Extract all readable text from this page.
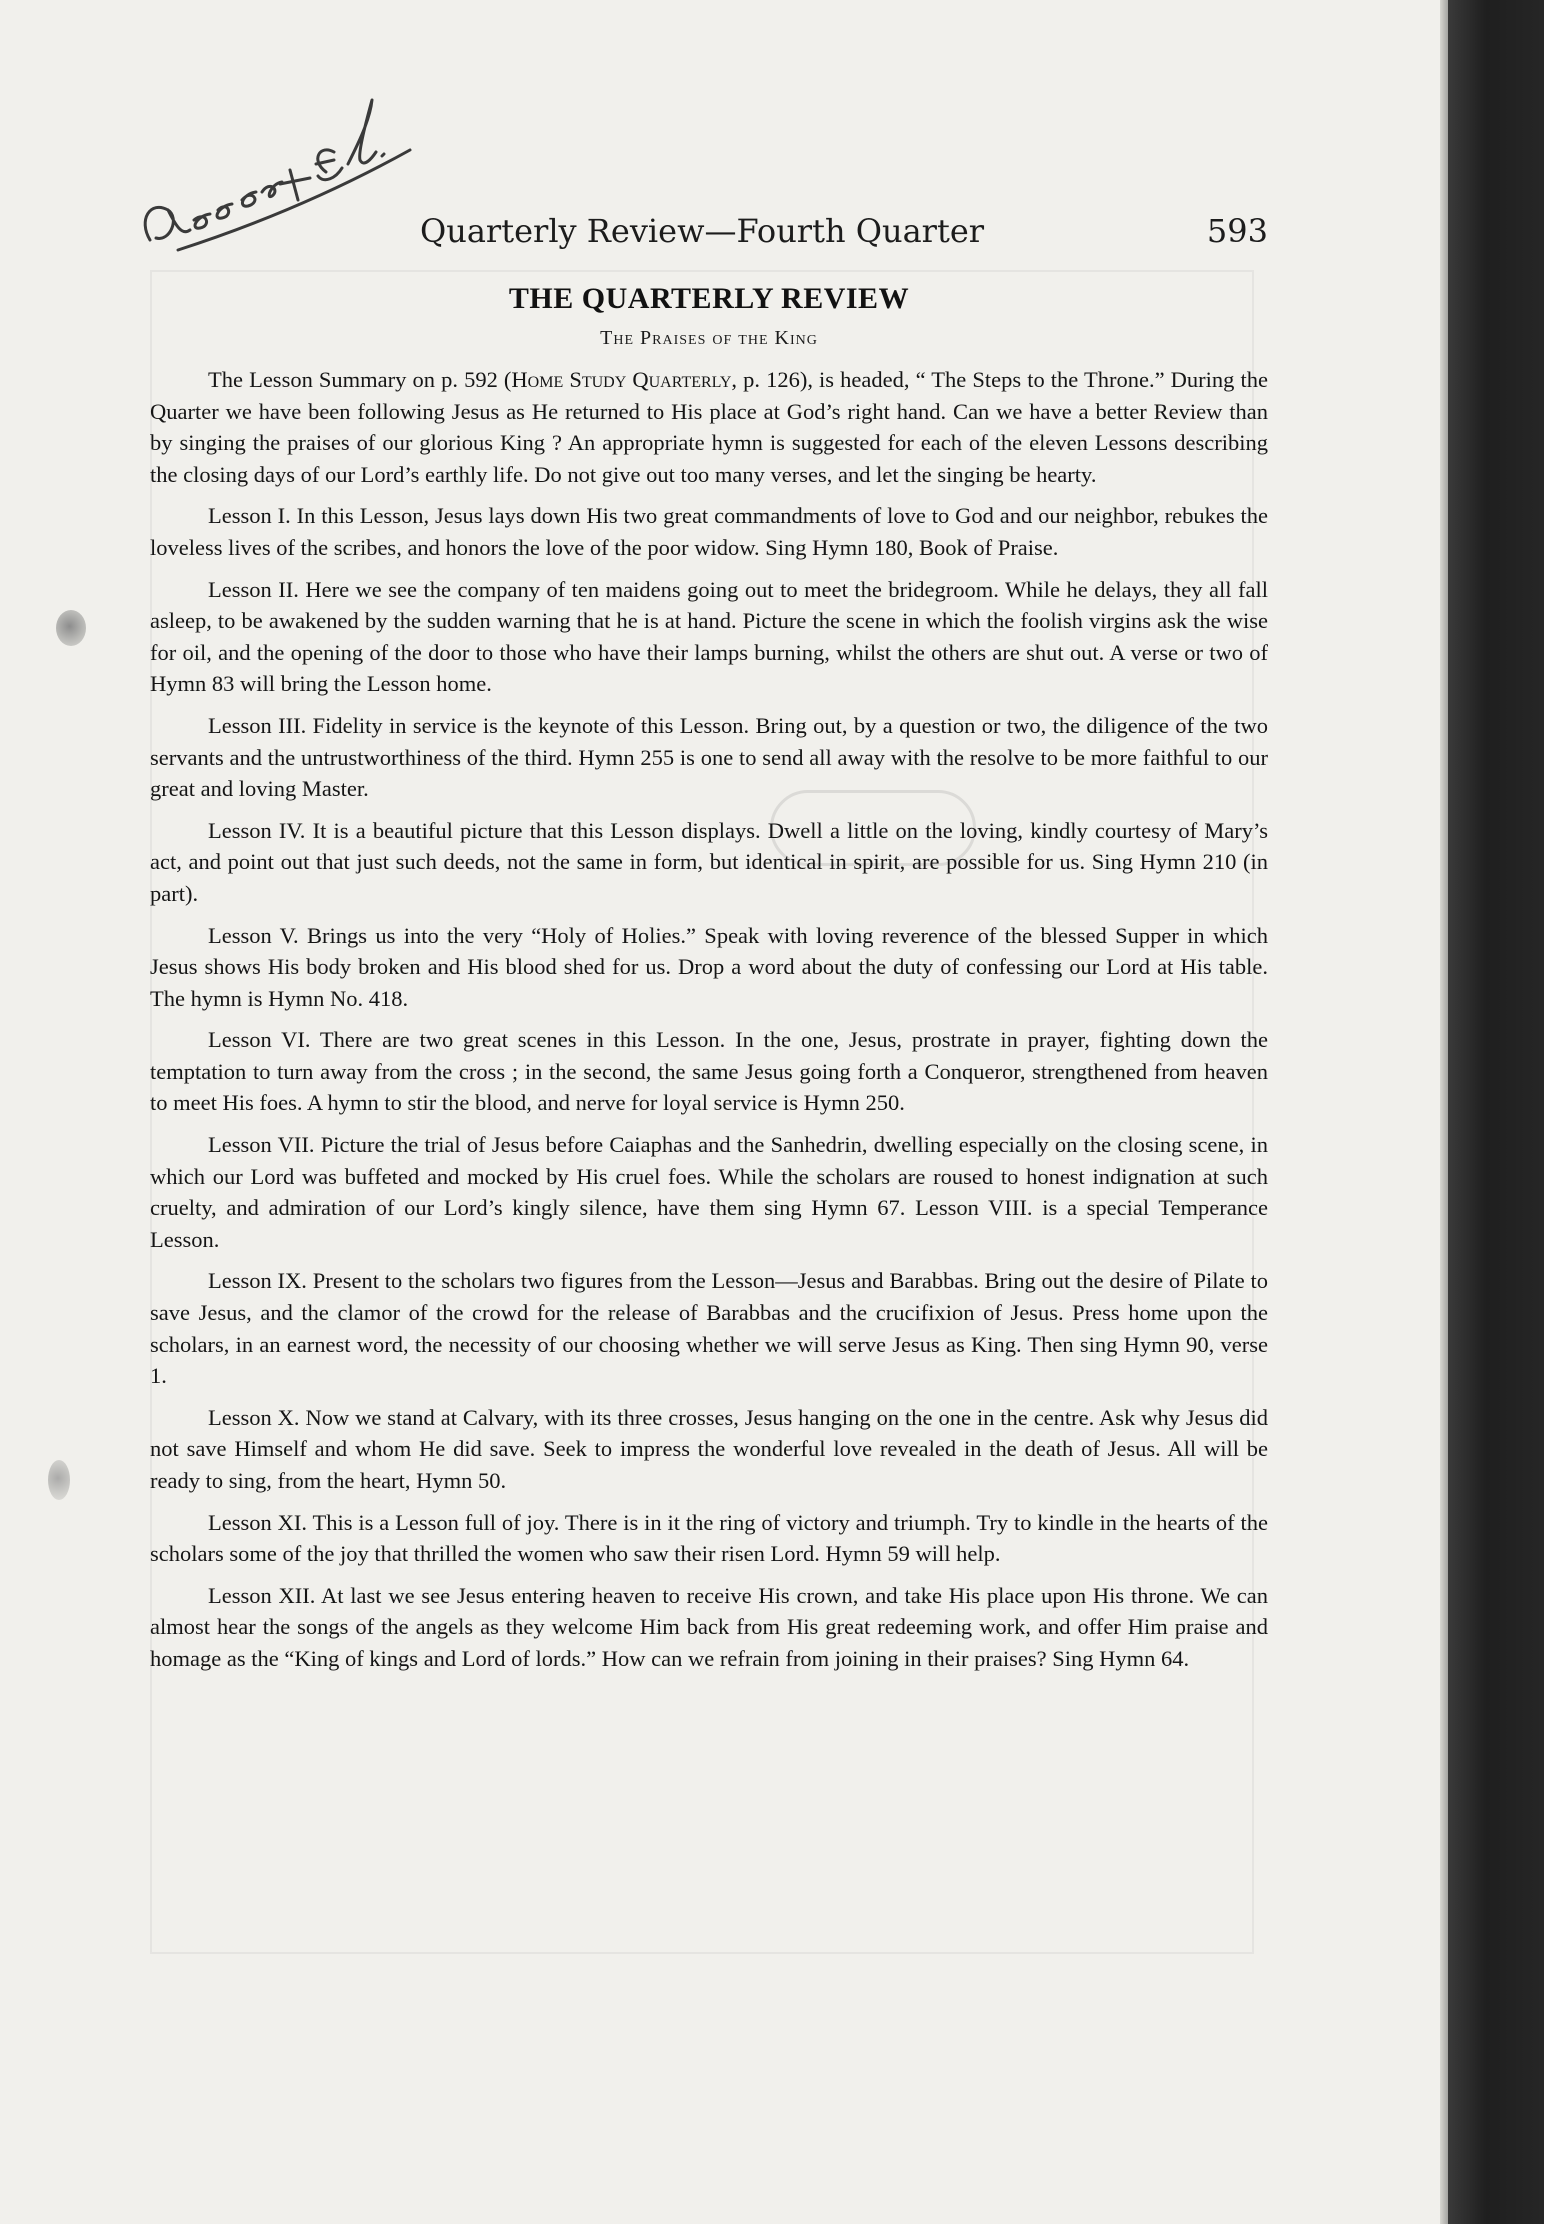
Quarterly Review—Fourth Quarter	593
THE QUARTERLY REVIEW
The Praises of the King

The Lesson Summary on p. 592 (Home Study Quarterly, p. 126), is headed, “ The Steps to the Throne.” During the Quarter we have been following Jesus as He returned to His place at God’s right hand. Can we have a better Review than by singing the praises of our glorious King ? An appropriate hymn is suggested for each of the eleven Lessons describing the closing days of our Lord’s earthly life. Do not give out too many verses, and let the singing be hearty.

Lesson I. In this Lesson, Jesus lays down His two great commandments of love to God and our neighbor, rebukes the loveless lives of the scribes, and honors the love of the poor widow. Sing Hymn 180, Book of Praise.

Lesson II. Here we see the company of ten maidens going out to meet the bridegroom. While he delays, they all fall asleep, to be awakened by the sudden warning that he is at hand. Picture the scene in which the foolish virgins ask the wise for oil, and the opening of the door to those who have their lamps burning, whilst the others are shut out. A verse or two of Hymn 83 will bring the Lesson home.

Lesson III. Fidelity in service is the keynote of this Lesson. Bring out, by a question or two, the diligence of the two servants and the untrustworthiness of the third. Hymn 255 is one to send all away with the resolve to be more faithful to our great and loving Master.

Lesson IV. It is a beautiful picture that this Lesson displays. Dwell a little on the loving, kindly courtesy of Mary’s act, and point out that just such deeds, not the same in form, but identical in spirit, are possible for us. Sing Hymn 210 (in part).

Lesson V. Brings us into the very “Holy of Holies.” Speak with loving reverence of the blessed Supper in which Jesus shows His body broken and His blood shed for us. Drop a word about the duty of confessing our Lord at His table. The hymn is Hymn No. 418.

Lesson VI. There are two great scenes in this Lesson. In the one, Jesus, prostrate in prayer, fighting down the temptation to turn away from the cross ; in the second, the same Jesus going forth a Conqueror, strengthened from heaven to meet His foes. A hymn to stir the blood, and nerve for loyal service is Hymn 250.

Lesson VII. Picture the trial of Jesus before Caiaphas and the Sanhedrin, dwelling especially on the closing scene, in which our Lord was buffeted and mocked by His cruel foes. While the scholars are roused to honest indignation at such cruelty, and admiration of our Lord’s kingly silence, have them sing Hymn 67. Lesson VIII. is a special Temperance Lesson.

Lesson IX. Present to the scholars two figures from the Lesson—Jesus and Barabbas. Bring out the desire of Pilate to save Jesus, and the clamor of the crowd for the release of Barabbas and the crucifixion of Jesus. Press home upon the scholars, in an earnest word, the necessity of our choosing whether we will serve Jesus as King. Then sing Hymn 90, verse 1.

Lesson X. Now we stand at Calvary, with its three crosses, Jesus hanging on the one in the centre. Ask why Jesus did not save Himself and whom He did save. Seek to impress the wonderful love revealed in the death of Jesus. All will be ready to sing, from the heart, Hymn 50.

Lesson XI. This is a Lesson full of joy. There is in it the ring of victory and triumph. Try to kindle in the hearts of the scholars some of the joy that thrilled the women who saw their risen Lord. Hymn 59 will help.

Lesson XII. At last we see Jesus entering heaven to receive His crown, and take His place upon His throne. We can almost hear the songs of the angels as they welcome Him back from His great redeeming work, and offer Him praise and homage as the “King of kings and Lord of lords.” How can we refrain from joining in their praises? Sing Hymn 64.
